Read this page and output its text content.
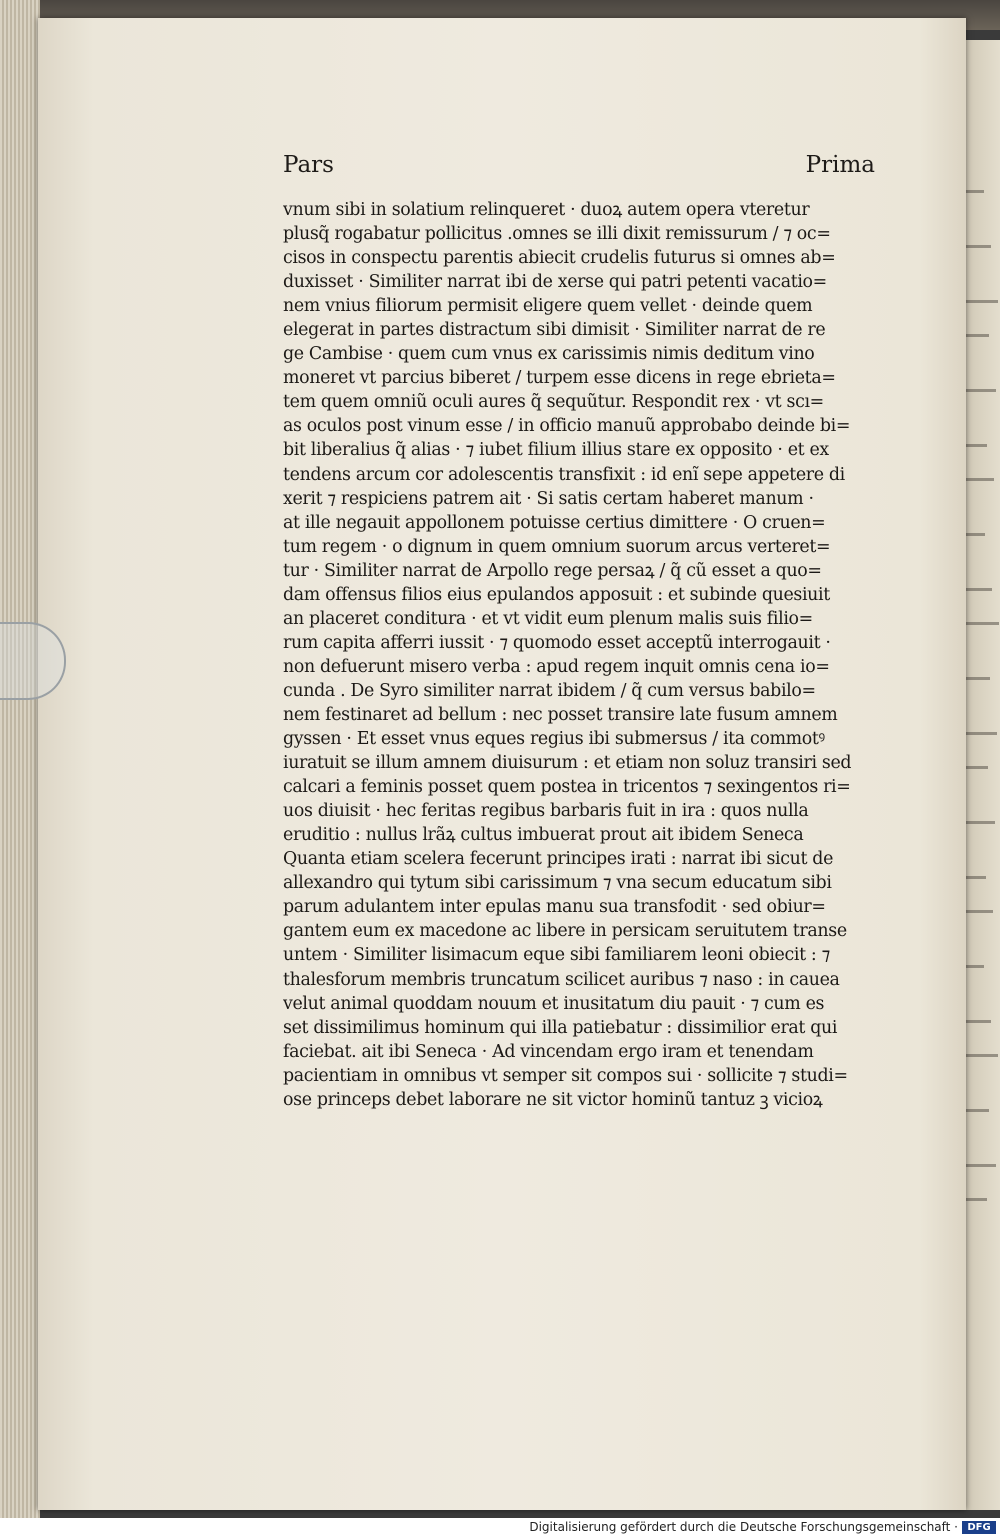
Pars	Prima
vnum sibi in solatium relinqueret · duoꝝ autem opera vteretur
plusq̃ rogabatur pollicitus .omnes se illi dixit remissurum / ⁊ oc=
cisos in conspectu parentis abiecit crudelis futurus si omnes ab=
duxisset · Similiter narrat ibi de xerse qui patri petenti vacatio=
nem vnius filiorum permisit eligere quem vellet · deinde quem
elegerat in partes distractum sibi dimisit · Similiter narrat de re
ge Cambise · quem cum vnus ex carissimis nimis deditum vino
moneret vt parcius biberet / turpem esse dicens in rege ebrieta=
tem quem omniũ oculi aures q̃ sequũtur. Respondit rex · vt scı=
as oculos post vinum esse / in officio manuũ approbabo deinde bi=
bit liberalius q̃ alias · ⁊ iubet filium illius stare ex opposito · et ex
tendens arcum cor adolescentis transfixit : id enĩ sepe appetere di
xerit ⁊ respiciens patrem ait · Si satis certam haberet manum ·
at ille negauit appollonem potuisse certius dimittere · O cruen=
tum regem · o dignum in quem omnium suorum arcus verteret=
tur · Similiter narrat de Arpollo rege persaꝝ / q̃ cũ esset a quo=
dam offensus filios eius epulandos apposuit : et subinde quesiuit
an placeret conditura · et vt vidit eum plenum malis suis filio=
rum capita afferri iussit · ⁊ quomodo esset acceptũ interrogauit ·
non defuerunt misero verba : apud regem inquit omnis cena io=
cunda . De Syro similiter narrat ibidem / q̃ cum versus babilo=
nem festinaret ad bellum : nec posset transire late fusum amnem
gyssen · Et esset vnus eques regius ibi submersus / ita commotꝰ
iuratuit se illum amnem diuisurum : et etiam non soluz transiri sed
calcari a feminis posset quem postea in tricentos ⁊ sexingentos ri=
uos diuisit · hec feritas regibus barbaris fuit in ira : quos nulla
eruditio : nullus lrãꝝ cultus imbuerat prout ait ibidem Seneca
Quanta etiam scelera fecerunt principes irati : narrat ibi sicut de
allexandro qui tytum sibi carissimum ⁊ vna secum educatum sibi
parum adulantem inter epulas manu sua transfodit · sed obiur=
gantem eum ex macedone ac libere in persicam seruitutem transe
untem · Similiter lisimacum eque sibi familiarem leoni obiecit : ⁊
thalesforum membris truncatum scilicet auribus ⁊ naso : in cauea
velut animal quoddam nouum et inusitatum diu pauit · ⁊ cum es
set dissimilimus hominum qui illa patiebatur : dissimilior erat qui
faciebat. ait ibi Seneca · Ad vincendam ergo iram et tenendam
pacientiam in omnibus vt semper sit compos sui · sollicite ⁊ studi=
ose princeps debet laborare ne sit victor hominũ tantuz ꝫ vicioꝝ
Digitalisierung gefördert durch die Deutsche Forschungsgemeinschaft · DFG
